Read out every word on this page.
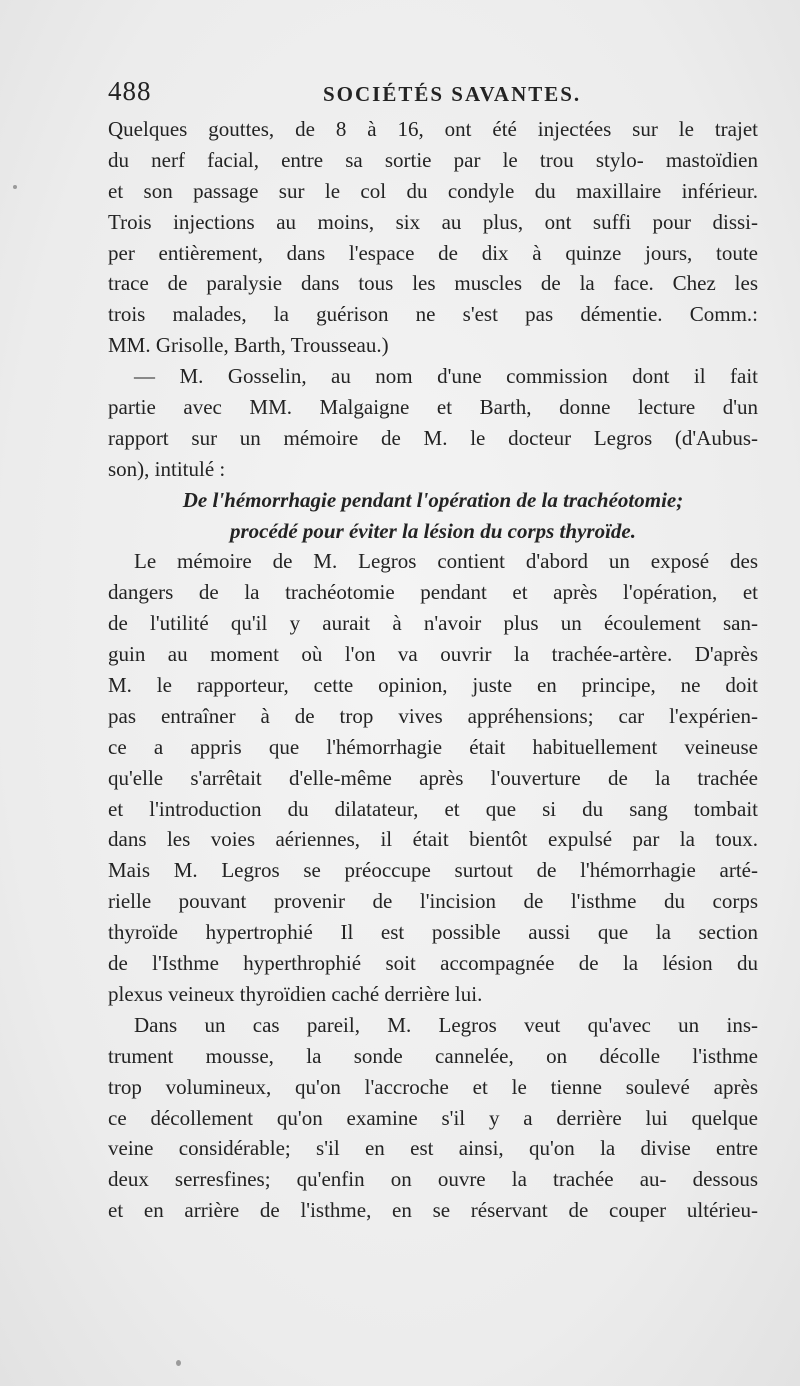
488	SOCIÉTÉS SAVANTES.
Quelques gouttes, de 8 à 16, ont été injectées sur le trajet
du nerf facial, entre sa sortie par le trou stylo- mastoïdien
et son passage sur le col du condyle du maxillaire inférieur.
Trois injections au moins, six au plus, ont suffi pour dissi-
per entièrement, dans l'espace de dix à quinze jours, toute
trace de paralysie dans tous les muscles de la face. Chez les
trois malades, la guérison ne s'est pas démentie. Comm.:
MM. Grisolle, Barth, Trousseau.)
— M. Gosselin, au nom d'une commission dont il fait
partie avec MM. Malgaigne et Barth, donne lecture d'un
rapport sur un mémoire de M. le docteur Legros (d'Aubus-
son), intitulé :
De l'hémorrhagie pendant l'opération de la trachéotomie;
procédé pour éviter la lésion du corps thyroïde.
Le mémoire de M. Legros contient d'abord un exposé des
dangers de la trachéotomie pendant et après l'opération, et
de l'utilité qu'il y aurait à n'avoir plus un écoulement san-
guin au moment où l'on va ouvrir la trachée-artère. D'après
M. le rapporteur, cette opinion, juste en principe, ne doit
pas entraîner à de trop vives appréhensions; car l'expérien-
ce a appris que l'hémorrhagie était habituellement veineuse
qu'elle s'arrêtait d'elle-même après l'ouverture de la trachée
et l'introduction du dilatateur, et que si du sang tombait
dans les voies aériennes, il était bientôt expulsé par la toux.
Mais M. Legros se préoccupe surtout de l'hémorrhagie arté-
rielle pouvant provenir de l'incision de l'isthme du corps
thyroïde hypertrophié Il est possible aussi que la section
de l'Isthme hyperthrophié soit accompagnée de la lésion du
plexus veineux thyroïdien caché derrière lui.
Dans un cas pareil, M. Legros veut qu'avec un ins-
trument mousse, la sonde cannelée, on décolle l'isthme
trop volumineux, qu'on l'accroche et le tienne soulevé après
ce décollement qu'on examine s'il y a derrière lui quelque
veine considérable; s'il en est ainsi, qu'on la divise entre
deux serresfines; qu'enfin on ouvre la trachée au- dessous
et en arrière de l'isthme, en se réservant de couper ultérieu-
